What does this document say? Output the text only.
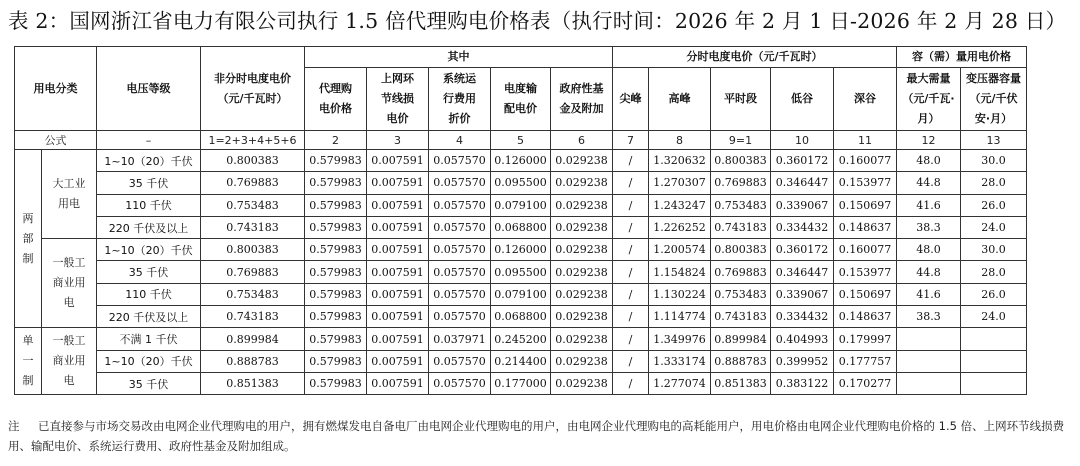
表 2：国网浙江省电力有限公司执行 1.5 倍代理购电价格表（执行时间：2026 年 2 月 1 日-2026 年 2 月 28 日）
用电分类		电压等级	非分时电度电价（元/千瓦时）	其中					分时电度电价（元/千瓦时）					容（需）量用电价格	

				代理购电价格	上网环节线损电价	系统运行费用折价	电度输配电价	政府性基金及附加	尖峰	高峰	平时段	低谷	深谷	最大需量（元/千瓦·月）	变压器容量（元/千伏安·月）

公式		–	1=2+3+4+5+6	2	3	4	5	6	7	8	9=1	10	11	12	13

两部制	大工业用电	1~10（20）千伏	0.800383	0.579983	0.007591	0.057570	0.126000	0.029238	/	1.320632	0.800383	0.360172	0.160077	48.0	30.0
		35 千伏	0.769883	0.579983	0.007591	0.057570	0.095500	0.029238	/	1.270307	0.769883	0.346447	0.153977	44.8	28.0
		110 千伏	0.753483	0.579983	0.007591	0.057570	0.079100	0.029238	/	1.243247	0.753483	0.339067	0.150697	41.6	26.0
		220 千伏及以上	0.743183	0.579983	0.007591	0.057570	0.068800	0.029238	/	1.226252	0.743183	0.334432	0.148637	38.3	24.0

	一般工商业用电	1~10（20）千伏	0.800383	0.579983	0.007591	0.057570	0.126000	0.029238	/	1.200574	0.800383	0.360172	0.160077	48.0	30.0
		35 千伏	0.769883	0.579983	0.007591	0.057570	0.095500	0.029238	/	1.154824	0.769883	0.346447	0.153977	44.8	28.0
		110 千伏	0.753483	0.579983	0.007591	0.057570	0.079100	0.029238	/	1.130224	0.753483	0.339067	0.150697	41.6	26.0
		220 千伏及以上	0.743183	0.579983	0.007591	0.057570	0.068800	0.029238	/	1.114774	0.743183	0.334432	0.148637	38.3	24.0

单一制	一般工商业用电	不满 1 千伏	0.899984	0.579983	0.007591	0.037971	0.245200	0.029238	/	1.349976	0.899984	0.404993	0.179997		
		1~10（20）千伏	0.888783	0.579983	0.007591	0.057570	0.214400	0.029238	/	1.333174	0.888783	0.399952	0.177757		
		35 千伏	0.851383	0.579983	0.007591	0.057570	0.177000	0.029238	/	1.277074	0.851383	0.383122	0.170277		
注 已直接参与市场交易改由电网企业代理购电的用户，拥有燃煤发电自备电厂由电网企业代理购电的用户，由电网企业代理购电的高耗能用户，用电价格由电网企业代理购电价格的 1.5 倍、上网环节线损费用、输配电价、系统运行费用、政府性基金及附加组成。
